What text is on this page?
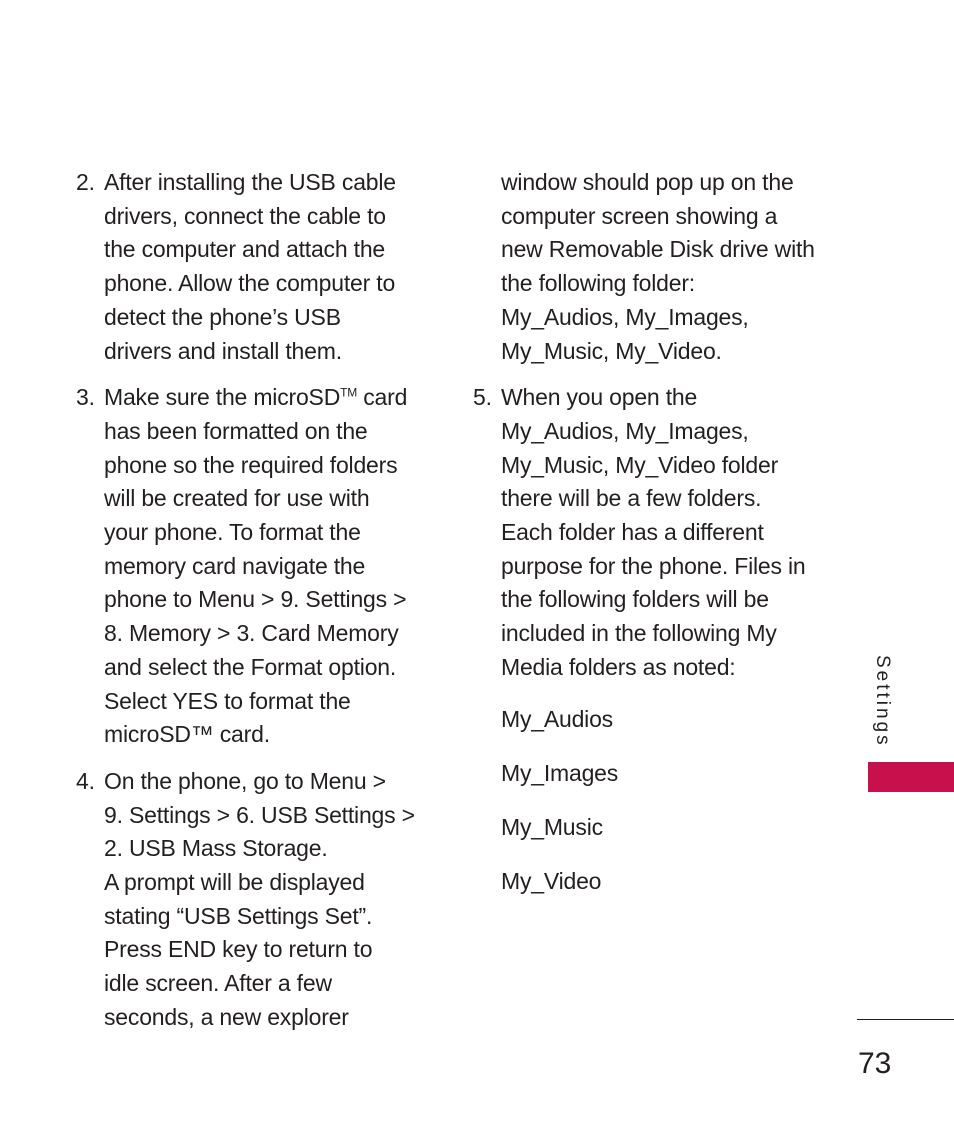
2. After installing the USB cable
drivers, connect the cable to
the computer and attach the
phone. Allow the computer to
detect the phone’s USB
drivers and install them.
3. Make sure the microSD™ card
has been formatted on the
phone so the required folders
will be created for use with
your phone. To format the
memory card navigate the
phone to Menu > 9. Settings >
8. Memory > 3. Card Memory
and select the Format option.
Select YES to format the
microSD™ card.
4. On the phone, go to Menu >
9. Settings > 6. USB Settings >
2. USB Mass Storage.
A prompt will be displayed
stating “USB Settings Set”.
Press END key to return to
idle screen. After a few
seconds, a new explorer
window should pop up on the
computer screen showing a
new Removable Disk drive with
the following folder:
My_Audios, My_Images,
My_Music, My_Video.
5. When you open the
My_Audios, My_Images,
My_Music, My_Video folder
there will be a few folders.
Each folder has a different
purpose for the phone. Files in
the following folders will be
included in the following My
Media folders as noted:
My_Audios
My_Images
My_Music
My_Video
Settings
73
